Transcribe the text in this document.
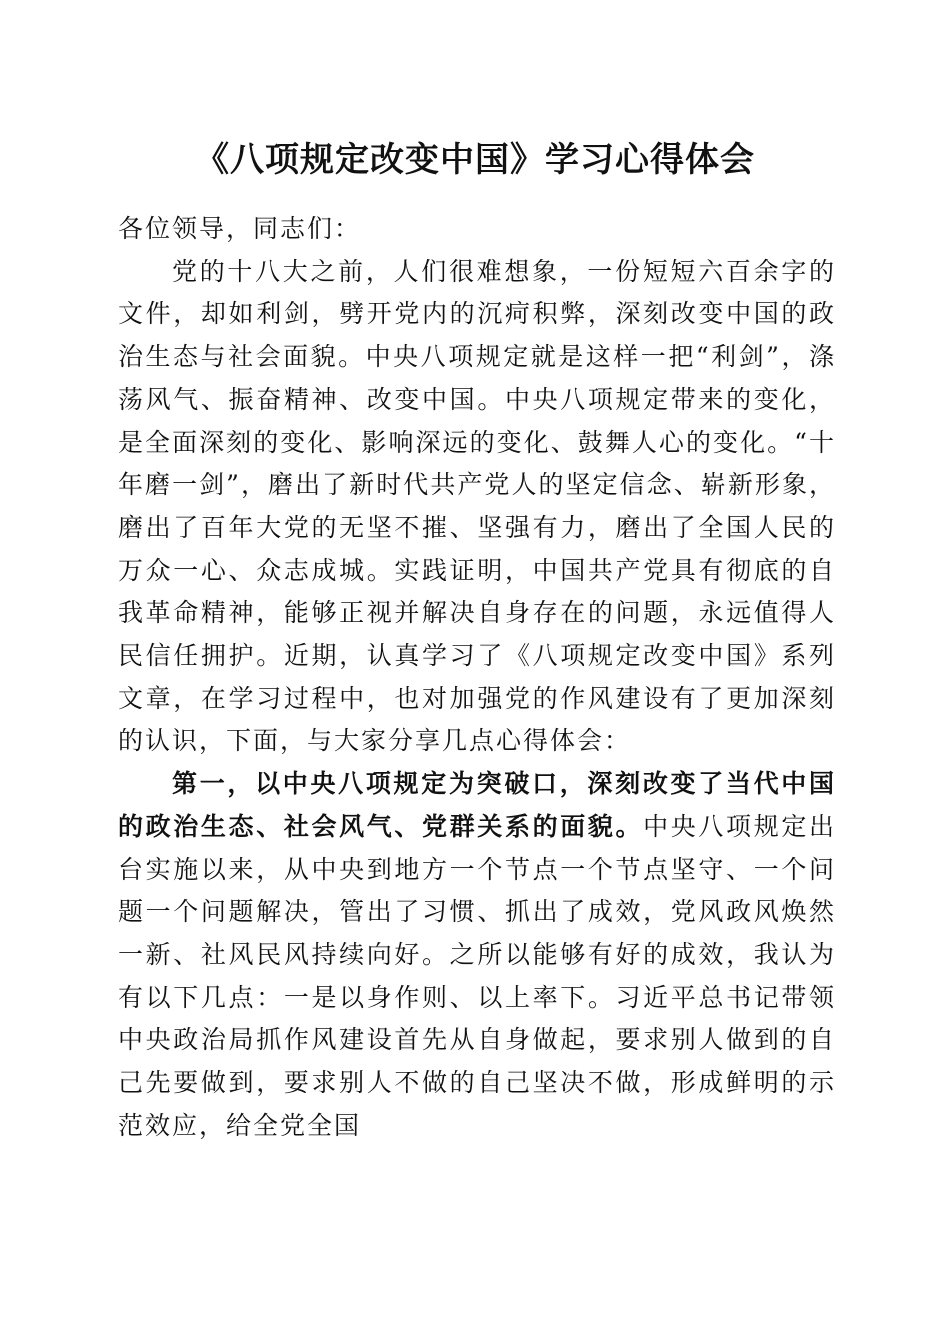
《八项规定改变中国》学习心得体会

各位领导，同志们：

党的十八大之前，人们很难想象，一份短短六百余字的文件，却如利剑，劈开党内的沉疴积弊，深刻改变中国的政治生态与社会面貌。中央八项规定就是这样一把“利剑”，涤荡风气、振奋精神、改变中国。中央八项规定带来的变化，是全面深刻的变化、影响深远的变化、鼓舞人心的变化。“十年磨一剑”，磨出了新时代共产党人的坚定信念、崭新形象，磨出了百年大党的无坚不摧、坚强有力，磨出了全国人民的万众一心、众志成城。实践证明，中国共产党具有彻底的自我革命精神，能够正视并解决自身存在的问题，永远值得人民信任拥护。近期，认真学习了《八项规定改变中国》系列文章，在学习过程中，也对加强党的作风建设有了更加深刻的认识，下面，与大家分享几点心得体会：

第一，以中央八项规定为突破口，深刻改变了当代中国的政治生态、社会风气、党群关系的面貌。中央八项规定出台实施以来，从中央到地方一个节点一个节点坚守、一个问题一个问题解决，管出了习惯、抓出了成效，党风政风焕然一新、社风民风持续向好。之所以能够有好的成效，我认为有以下几点：一是以身作则、以上率下。习近平总书记带领中央政治局抓作风建设首先从自身做起，要求别人做到的自己先要做到，要求别人不做的自己坚决不做，形成鲜明的示范效应，给全党全国
